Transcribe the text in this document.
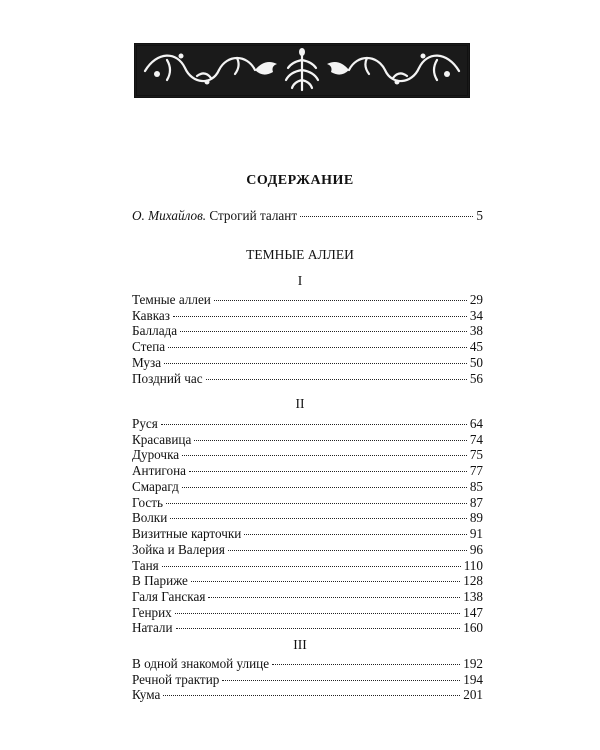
СОДЕРЖАНИЕ
О. Михайлов. Строгий талант	5
ТЕМНЫЕ АЛЛЕИ
I
Темные аллеи	29
Кавказ	34
Баллада	38
Степа	45
Муза	50
Поздний час	56
II
Руся	64
Красавица	74
Дурочка	75
Антигона	77
Смарагд	85
Гость	87
Волки	89
Визитные карточки	91
Зойка и Валерия	96
Таня	110
В Париже	128
Галя Ганская	138
Генрих	147
Натали	160
III
В одной знакомой улице	192
Речной трактир	194
Кума	201
